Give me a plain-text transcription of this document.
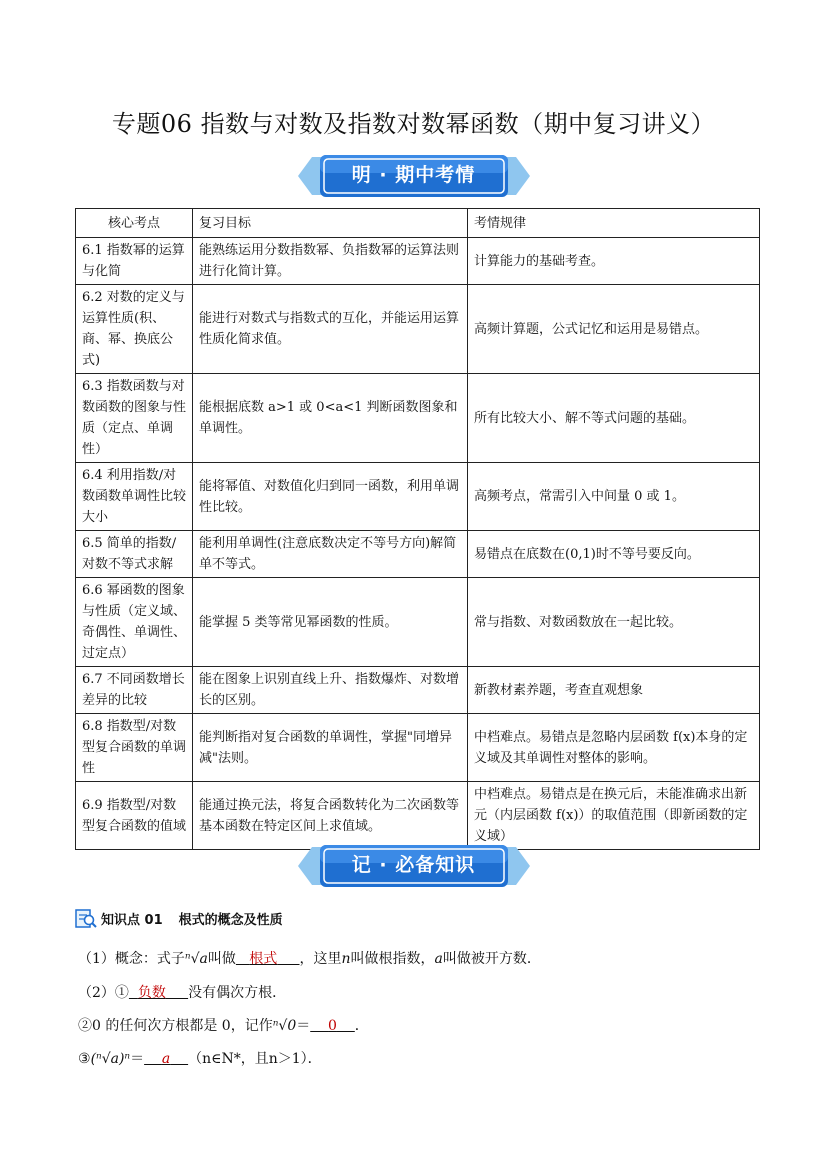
专题06 指数与对数及指数对数幂函数（期中复习讲义）
明 · 期中考情
核心考点	复习目标	考情规律
6.1 指数幂的运算与化简	能熟练运用分数指数幂、负指数幂的运算法则进行化简计算。	计算能力的基础考查。
6.2 对数的定义与运算性质(积、商、幂、换底公式)	能进行对数式与指数式的互化，并能运用运算性质化简求值。	高频计算题，公式记忆和运用是易错点。
6.3 指数函数与对数函数的图象与性质（定点、单调性）	能根据底数 a>1 或 0<a<1 判断函数图象和单调性。	所有比较大小、解不等式问题的基础。
6.4 利用指数/对数函数单调性比较大小	能将幂值、对数值化归到同一函数，利用单调性比较。	高频考点，常需引入中间量 0 或 1。
6.5 简单的指数/对数不等式求解	能利用单调性(注意底数决定不等号方向)解简单不等式。	易错点在底数在(0,1)时不等号要反向。
6.6 幂函数的图象与性质（定义域、奇偶性、单调性、过定点）	能掌握 5 类等常见幂函数的性质。	常与指数、对数函数放在一起比较。
6.7 不同函数增长差异的比较	能在图象上识别直线上升、指数爆炸、对数增长的区别。	新教材素养题，考查直观想象
6.8 指数型/对数型复合函数的单调性	能判断指对复合函数的单调性，掌握"同增异减"法则。	中档难点。易错点是忽略内层函数 f(x)本身的定义域及其单调性对整体的影响。
6.9 指数型/对数型复合函数的值域	能通过换元法，将复合函数转化为二次函数等基本函数在特定区间上求值域。	中档难点。易错点是在换元后，未能准确求出新元（内层函数 f(x)）的取值范围（即新函数的定义域）
记 · 必备知识
知识点 01 根式的概念及性质
（1）概念：式子ⁿ√a叫做 根式 ，这里n叫做根指数，a叫做被开方数．
（2）① 负数 没有偶次方根．
②0 的任何次方根都是 0，记作ⁿ√0＝ 0 ．
③(ⁿ√a)ⁿ＝ a （n∈N*，且n＞1）．
